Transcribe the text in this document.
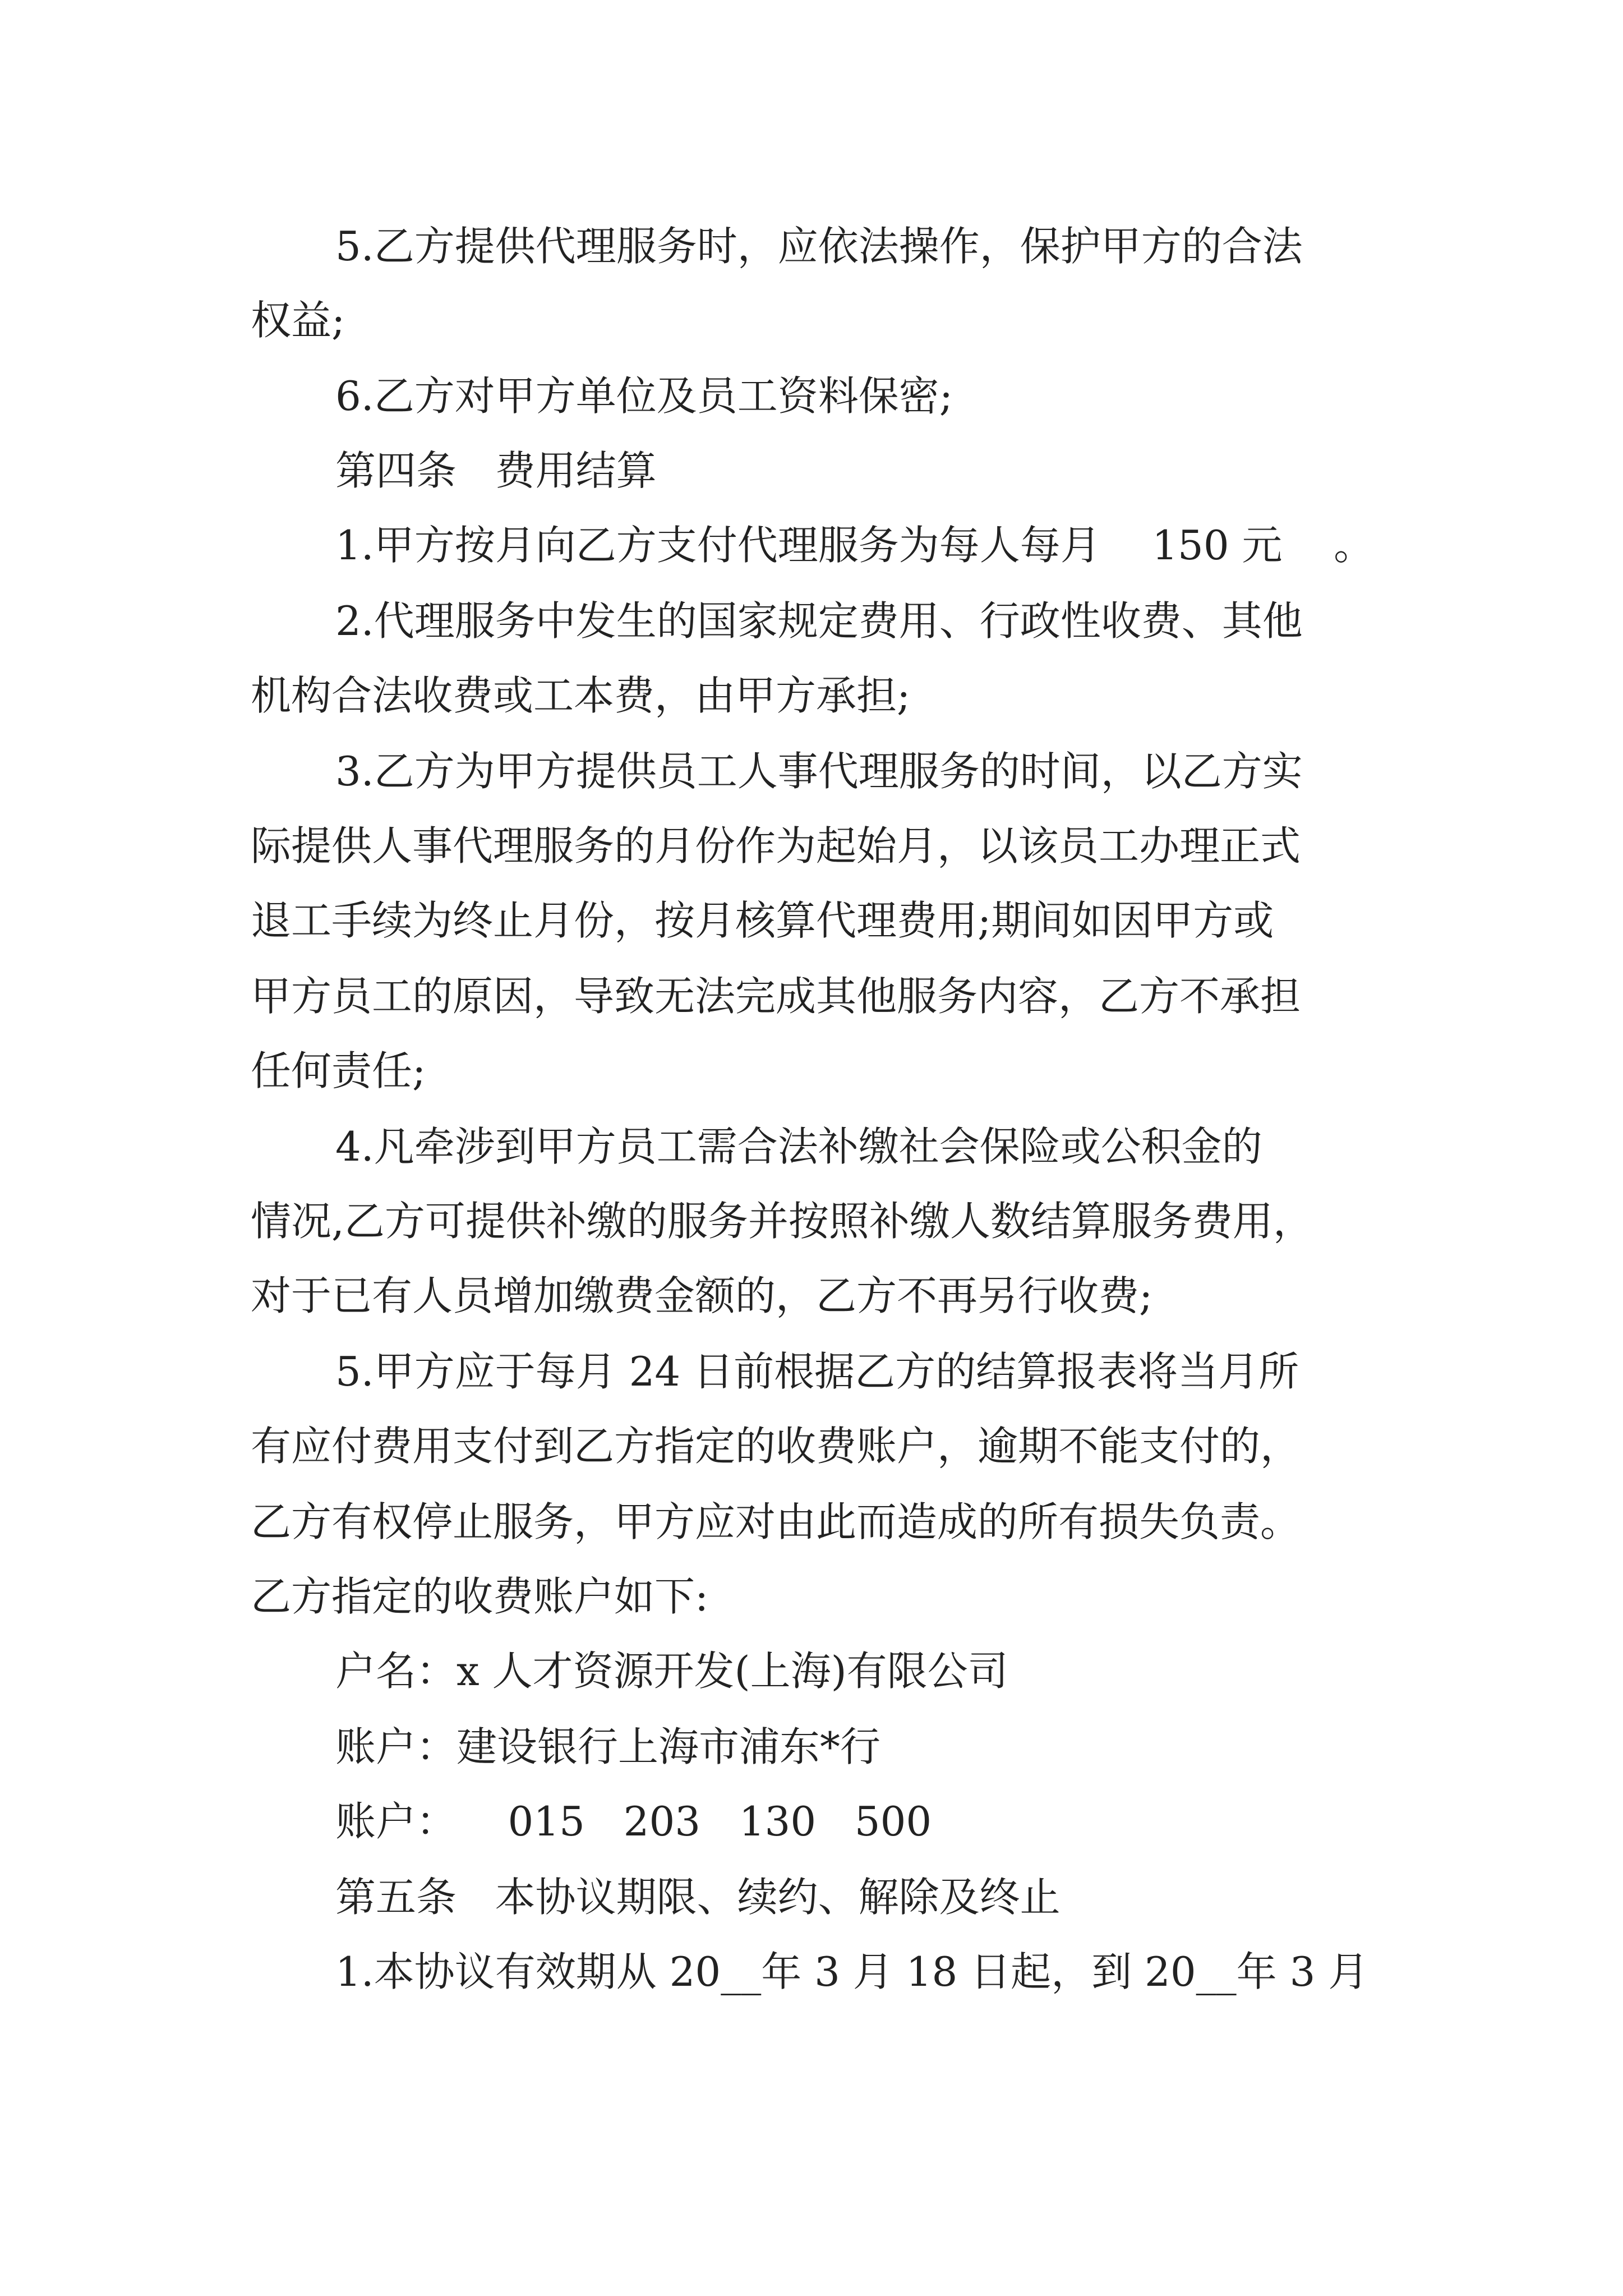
5.乙方提供代理服务时，应依法操作，保护甲方的合法
权益;
6.乙方对甲方单位及员工资料保密;
第四条   费用结算
1.甲方按月向乙方支付代理服务为每人每月    150 元    。
2.代理服务中发生的国家规定费用、行政性收费、其他
机构合法收费或工本费，由甲方承担;
3.乙方为甲方提供员工人事代理服务的时间，以乙方实
际提供人事代理服务的月份作为起始月，以该员工办理正式
退工手续为终止月份，按月核算代理费用;期间如因甲方或
甲方员工的原因，导致无法完成其他服务内容，乙方不承担
任何责任;
4.凡牵涉到甲方员工需合法补缴社会保险或公积金的
情况,乙方可提供补缴的服务并按照补缴人数结算服务费用，
对于已有人员增加缴费金额的，乙方不再另行收费;
5.甲方应于每月 24 日前根据乙方的结算报表将当月所
有应付费用支付到乙方指定的收费账户，逾期不能支付的，
乙方有权停止服务，甲方应对由此而造成的所有损失负责。
乙方指定的收费账户如下:
户名：x 人才资源开发(上海)有限公司
账户：建设银行上海市浦东*行
账户：    015   203   130   500
第五条   本协议期限、续约、解除及终止
1.本协议有效期从 20__年 3 月 18 日起，到 20__年 3 月
